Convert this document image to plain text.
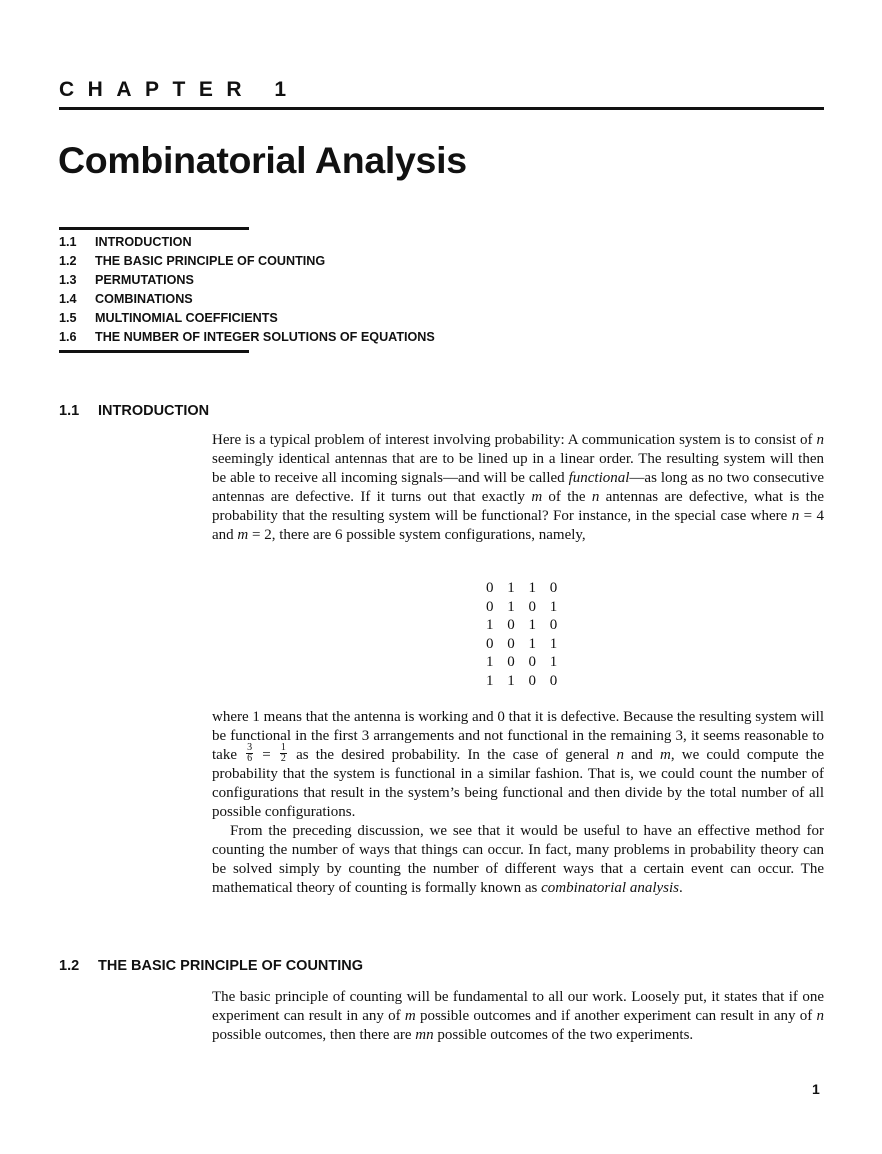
CHAPTER 1
Combinatorial Analysis
1.1 INTRODUCTION
1.2 THE BASIC PRINCIPLE OF COUNTING
1.3 PERMUTATIONS
1.4 COMBINATIONS
1.5 MULTINOMIAL COEFFICIENTS
1.6 THE NUMBER OF INTEGER SOLUTIONS OF EQUATIONS
1.1 INTRODUCTION

Here is a typical problem of interest involving probability: A communication system is to consist of n seemingly identical antennas that are to be lined up in a linear order. The resulting system will then be able to receive all incoming signals—and will be called functional—as long as no two consecutive antennas are defective. If it turns out that exactly m of the n antennas are defective, what is the probability that the resulting system will be functional? For instance, in the special case where n = 4 and m = 2, there are 6 possible system configurations, namely,

0 1 1 0
0 1 0 1
1 0 1 0
0 0 1 1
1 0 0 1
1 1 0 0

where 1 means that the antenna is working and 0 that it is defective. Because the resulting system will be functional in the first 3 arrangements and not functional in the remaining 3, it seems reasonable to take $\frac{3}{6} = \frac{1}{2}$ as the desired probability. In the case of general n and m, we could compute the probability that the system is functional in a similar fashion. That is, we could count the number of configurations that result in the system’s being functional and then divide by the total number of all possible configurations.

From the preceding discussion, we see that it would be useful to have an effective method for counting the number of ways that things can occur. In fact, many problems in probability theory can be solved simply by counting the number of different ways that a certain event can occur. The mathematical theory of counting is formally known as combinatorial analysis.

1.2 THE BASIC PRINCIPLE OF COUNTING

The basic principle of counting will be fundamental to all our work. Loosely put, it states that if one experiment can result in any of m possible outcomes and if another experiment can result in any of n possible outcomes, then there are mn possible outcomes of the two experiments.

1
